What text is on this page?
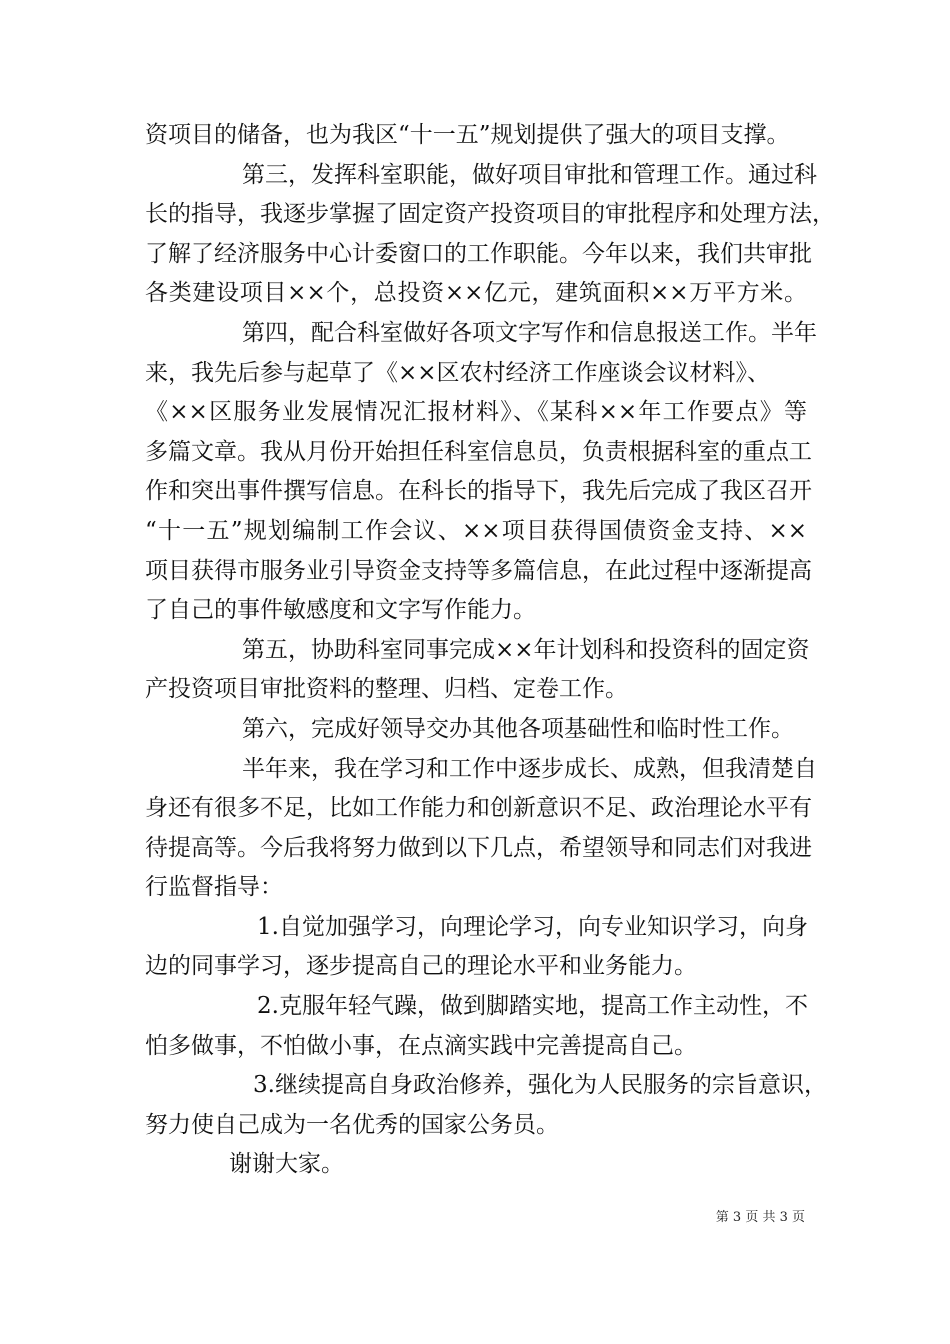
资项目的储备，也为我区“十一五”规划提供了强大的项目支撑。
第三，发挥科室职能，做好项目审批和管理工作。通过科
长的指导，我逐步掌握了固定资产投资项目的审批程序和处理方法，
了解了经济服务中心计委窗口的工作职能。今年以来，我们共审批
各类建设项目××个，总投资××亿元，建筑面积××万平方米。
第四，配合科室做好各项文字写作和信息报送工作。半年
来，我先后参与起草了《××区农村经济工作座谈会议材料》、
《××区服务业发展情况汇报材料》、《某科××年工作要点》等
多篇文章。我从月份开始担任科室信息员，负责根据科室的重点工
作和突出事件撰写信息。在科长的指导下，我先后完成了我区召开
“十一五”规划编制工作会议、××项目获得国债资金支持、××
项目获得市服务业引导资金支持等多篇信息，在此过程中逐渐提高
了自己的事件敏感度和文字写作能力。
第五，协助科室同事完成××年计划科和投资科的固定资
产投资项目审批资料的整理、归档、定卷工作。
第六，完成好领导交办其他各项基础性和临时性工作。
半年来，我在学习和工作中逐步成长、成熟，但我清楚自
身还有很多不足，比如工作能力和创新意识不足、政治理论水平有
待提高等。今后我将努力做到以下几点，希望领导和同志们对我进
行监督指导：
1.自觉加强学习，向理论学习，向专业知识学习，向身
边的同事学习，逐步提高自己的理论水平和业务能力。
2.克服年轻气躁，做到脚踏实地，提高工作主动性，不
怕多做事，不怕做小事，在点滴实践中完善提高自己。
3.继续提高自身政治修养，强化为人民服务的宗旨意识，
努力使自己成为一名优秀的国家公务员。
谢谢大家。
第 3 页 共 3 页
